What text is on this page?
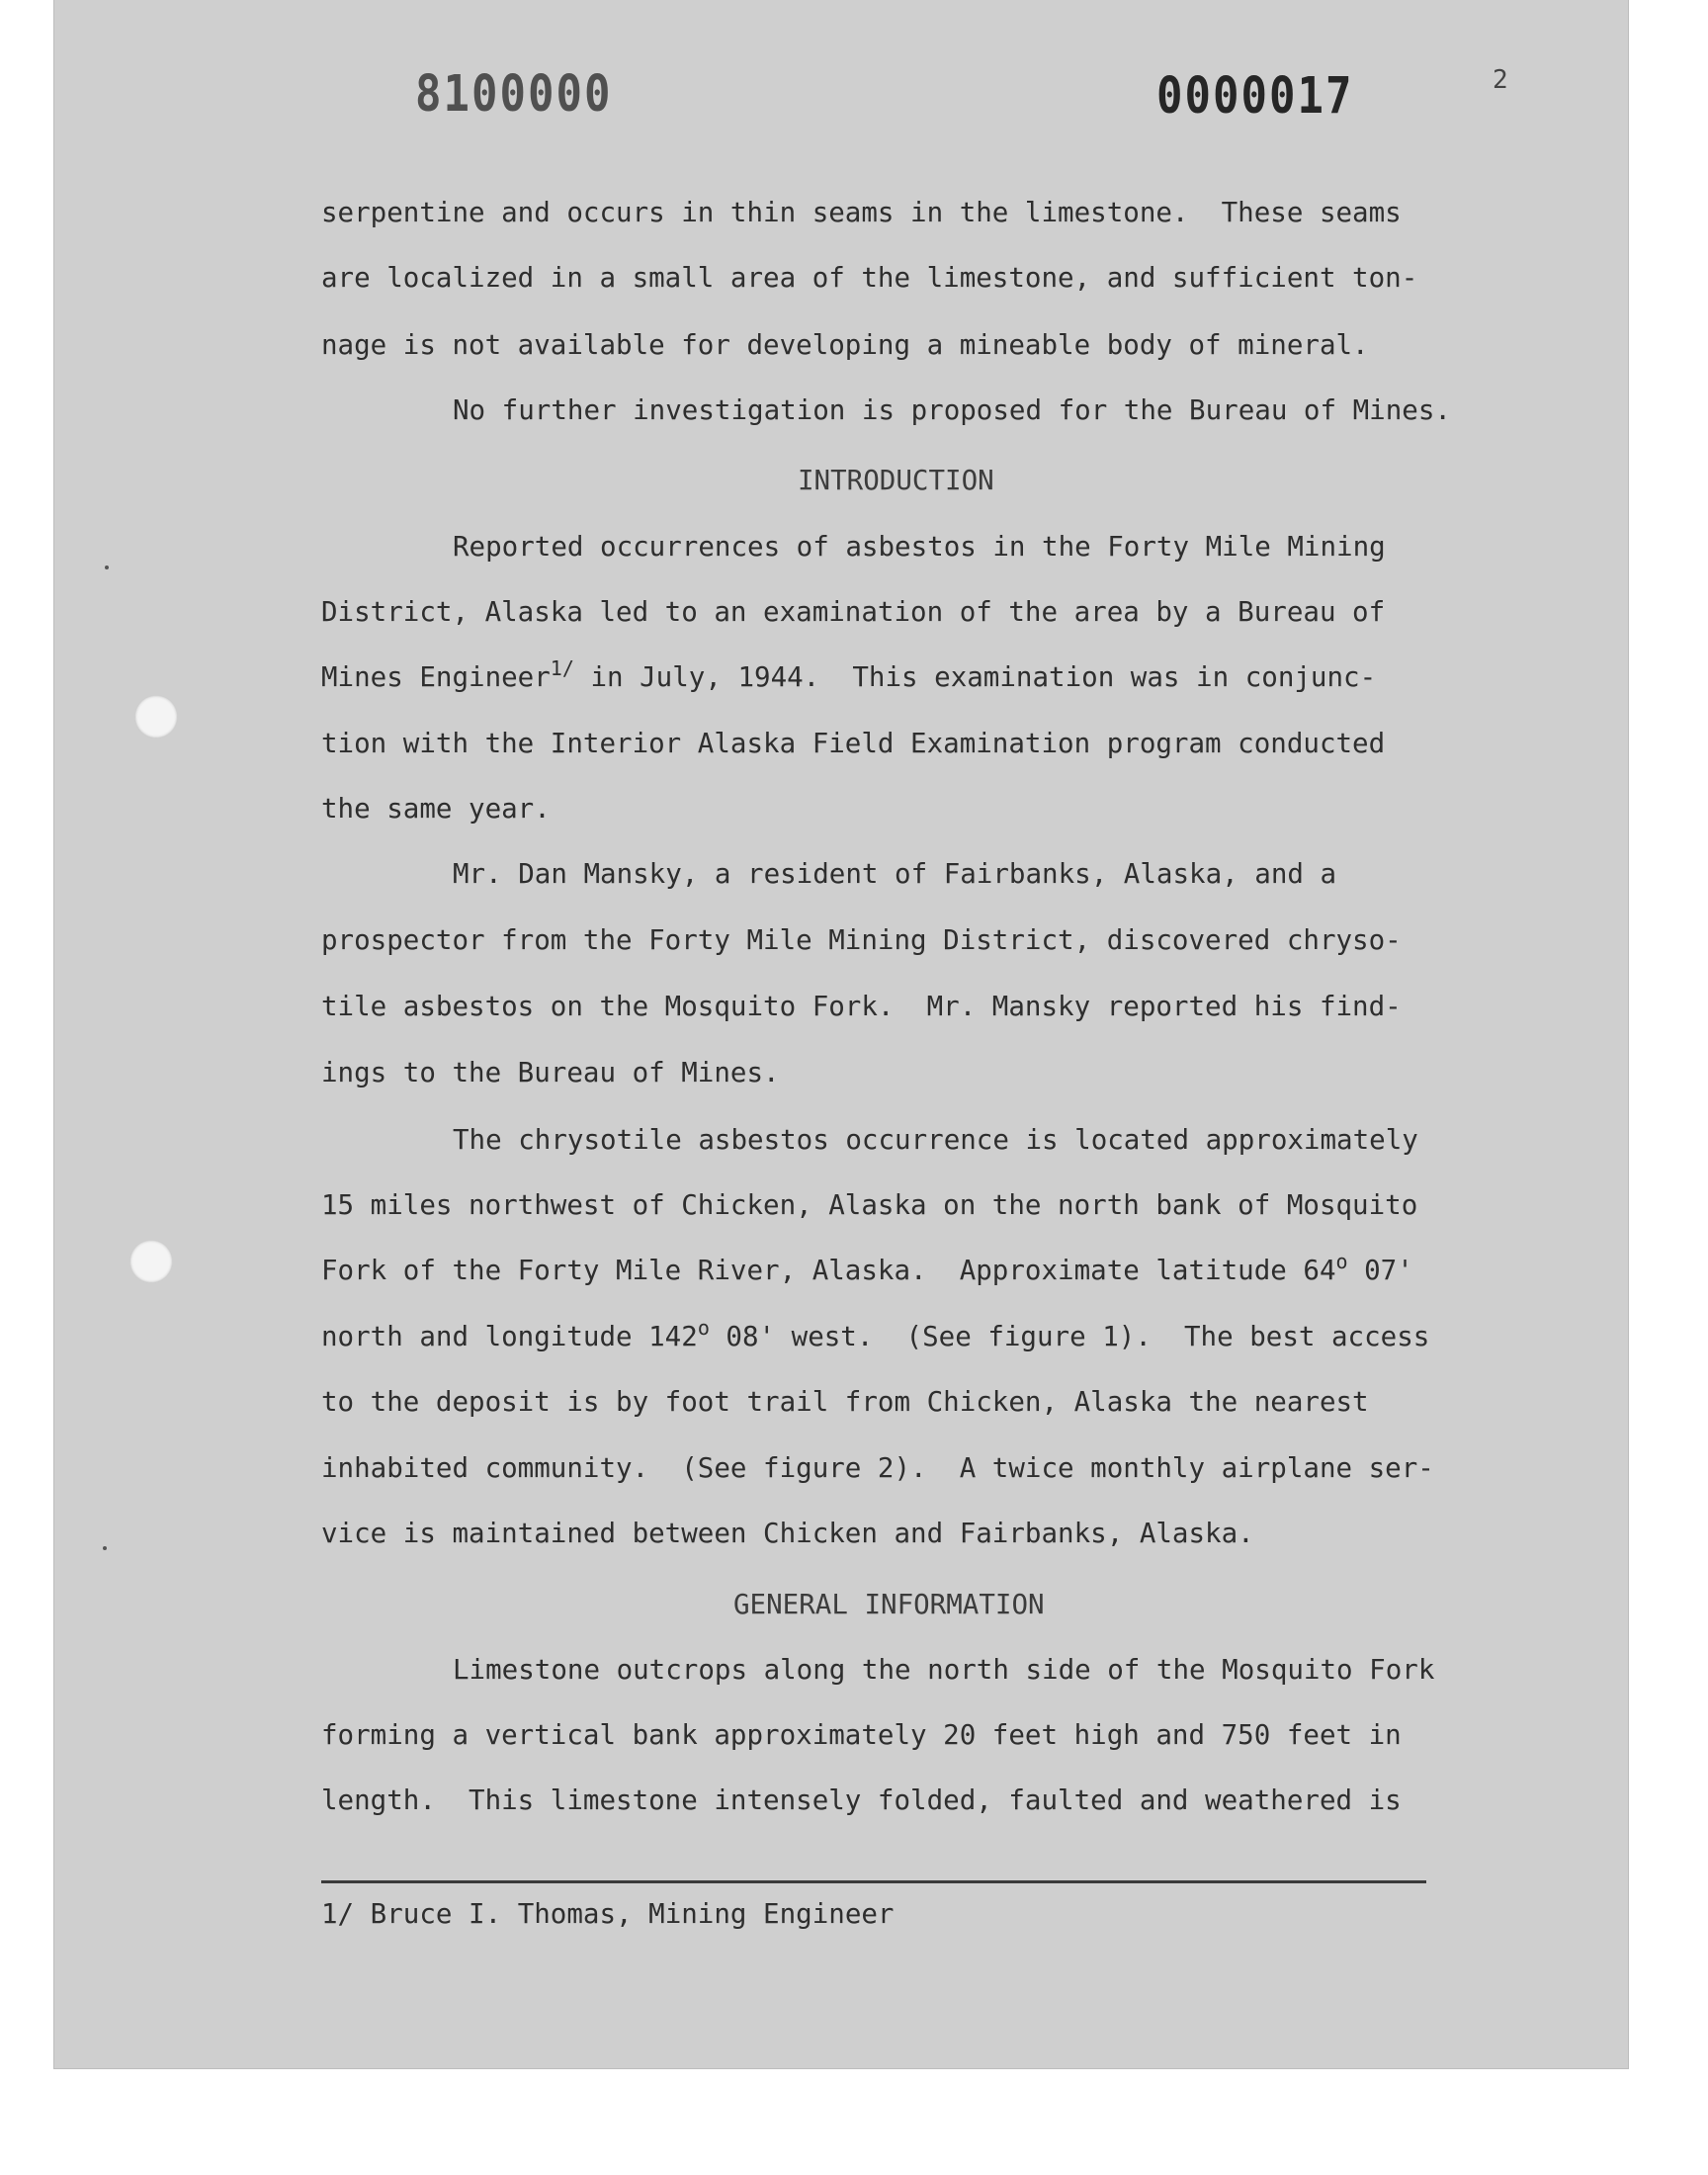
8100000	0000017	2
serpentine and occurs in thin seams in the limestone.  These seams
are localized in a small area of the limestone, and sufficient ton-
nage is not available for developing a mineable body of mineral.
No further investigation is proposed for the Bureau of Mines.
INTRODUCTION
Reported occurrences of asbestos in the Forty Mile Mining
District, Alaska led to an examination of the area by a Bureau of
Mines Engineer$^{1/}$ in July, 1944.  This examination was in conjunc-
tion with the Interior Alaska Field Examination program conducted
the same year.
Mr. Dan Mansky, a resident of Fairbanks, Alaska, and a
prospector from the Forty Mile Mining District, discovered chryso-
tile asbestos on the Mosquito Fork.  Mr. Mansky reported his find-
ings to the Bureau of Mines.
The chrysotile asbestos occurrence is located approximately
15 miles northwest of Chicken, Alaska on the north bank of Mosquito
Fork of the Forty Mile River, Alaska.  Approximate latitude 64$^o$ 07'
north and longitude 142$^o$ 08' west.  (See figure 1).  The best access
to the deposit is by foot trail from Chicken, Alaska the nearest
inhabited community.  (See figure 2).  A twice monthly airplane ser-
vice is maintained between Chicken and Fairbanks, Alaska.
GENERAL INFORMATION
Limestone outcrops along the north side of the Mosquito Fork
forming a vertical bank approximately 20 feet high and 750 feet in
length.  This limestone intensely folded, faulted and weathered is
1/ Bruce I. Thomas, Mining Engineer
